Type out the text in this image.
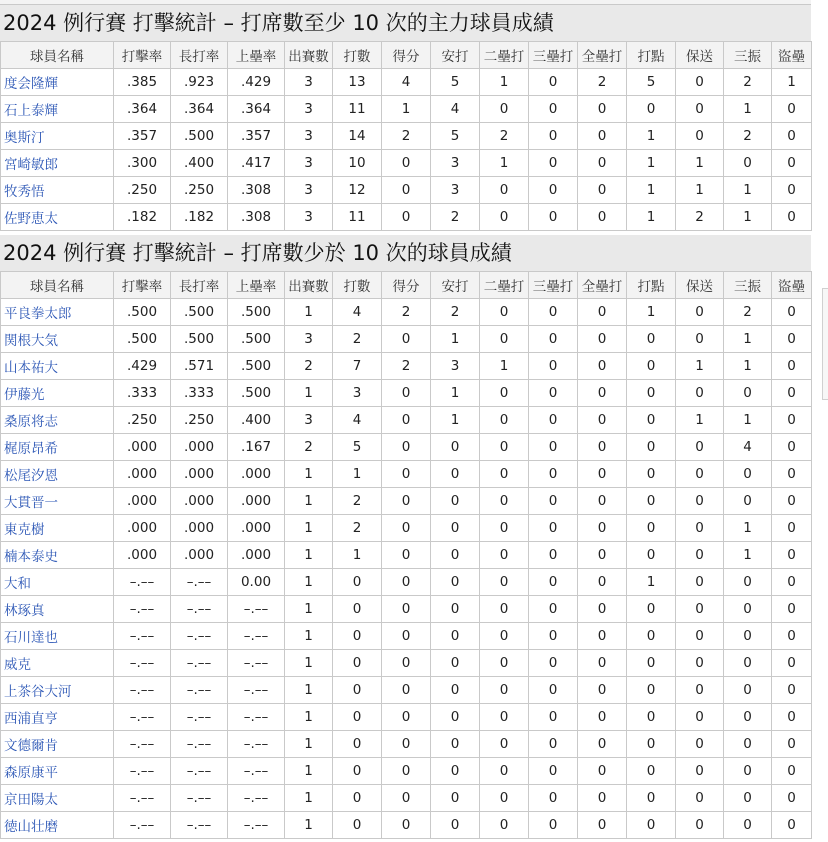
2024 例行賽 打擊統計 – 打席數至少 10 次的主力球員成績
球員名稱	打擊率	長打率	上壘率	出賽數	打數	得分	安打	二壘打	三壘打	全壘打	打點	保送	三振	盜壘
度会隆輝	.385	.923	.429	3	13	4	5	1	0	2	5	0	2	1
石上泰輝	.364	.364	.364	3	11	1	4	0	0	0	0	0	1	0
奥斯汀	.357	.500	.357	3	14	2	5	2	0	0	1	0	2	0
宮崎敏郎	.300	.400	.417	3	10	0	3	1	0	0	1	1	0	0
牧秀悟	.250	.250	.308	3	12	0	3	0	0	0	1	1	1	0
佐野恵太	.182	.182	.308	3	11	0	2	0	0	0	1	2	1	0
2024 例行賽 打擊統計 – 打席數少於 10 次的球員成績
球員名稱	打擊率	長打率	上壘率	出賽數	打數	得分	安打	二壘打	三壘打	全壘打	打點	保送	三振	盜壘
平良拳太郎	.500	.500	.500	1	4	2	2	0	0	0	1	0	2	0
関根大気	.500	.500	.500	3	2	0	1	0	0	0	0	0	1	0
山本祐大	.429	.571	.500	2	7	2	3	1	0	0	0	1	1	0
伊藤光	.333	.333	.500	1	3	0	1	0	0	0	0	0	0	0
桑原将志	.250	.250	.400	3	4	0	1	0	0	0	0	1	1	0
梶原昂希	.000	.000	.167	2	5	0	0	0	0	0	0	0	4	0
松尾汐恩	.000	.000	.000	1	1	0	0	0	0	0	0	0	0	0
大貫晋一	.000	.000	.000	1	2	0	0	0	0	0	0	0	0	0
東克樹	.000	.000	.000	1	2	0	0	0	0	0	0	0	1	0
楠本泰史	.000	.000	.000	1	1	0	0	0	0	0	0	0	1	0
大和	–.––	–.––	0.00	1	0	0	0	0	0	0	1	0	0	0
林琢真	–.––	–.––	–.––	1	0	0	0	0	0	0	0	0	0	0
石川達也	–.––	–.––	–.––	1	0	0	0	0	0	0	0	0	0	0
威克	–.––	–.––	–.––	1	0	0	0	0	0	0	0	0	0	0
上茶谷大河	–.––	–.––	–.––	1	0	0	0	0	0	0	0	0	0	0
西浦直亨	–.––	–.––	–.––	1	0	0	0	0	0	0	0	0	0	0
文德爾肯	–.––	–.––	–.––	1	0	0	0	0	0	0	0	0	0	0
森原康平	–.––	–.––	–.––	1	0	0	0	0	0	0	0	0	0	0
京田陽太	–.––	–.––	–.––	1	0	0	0	0	0	0	0	0	0	0
徳山壮磨	–.––	–.––	–.––	1	0	0	0	0	0	0	0	0	0	0
